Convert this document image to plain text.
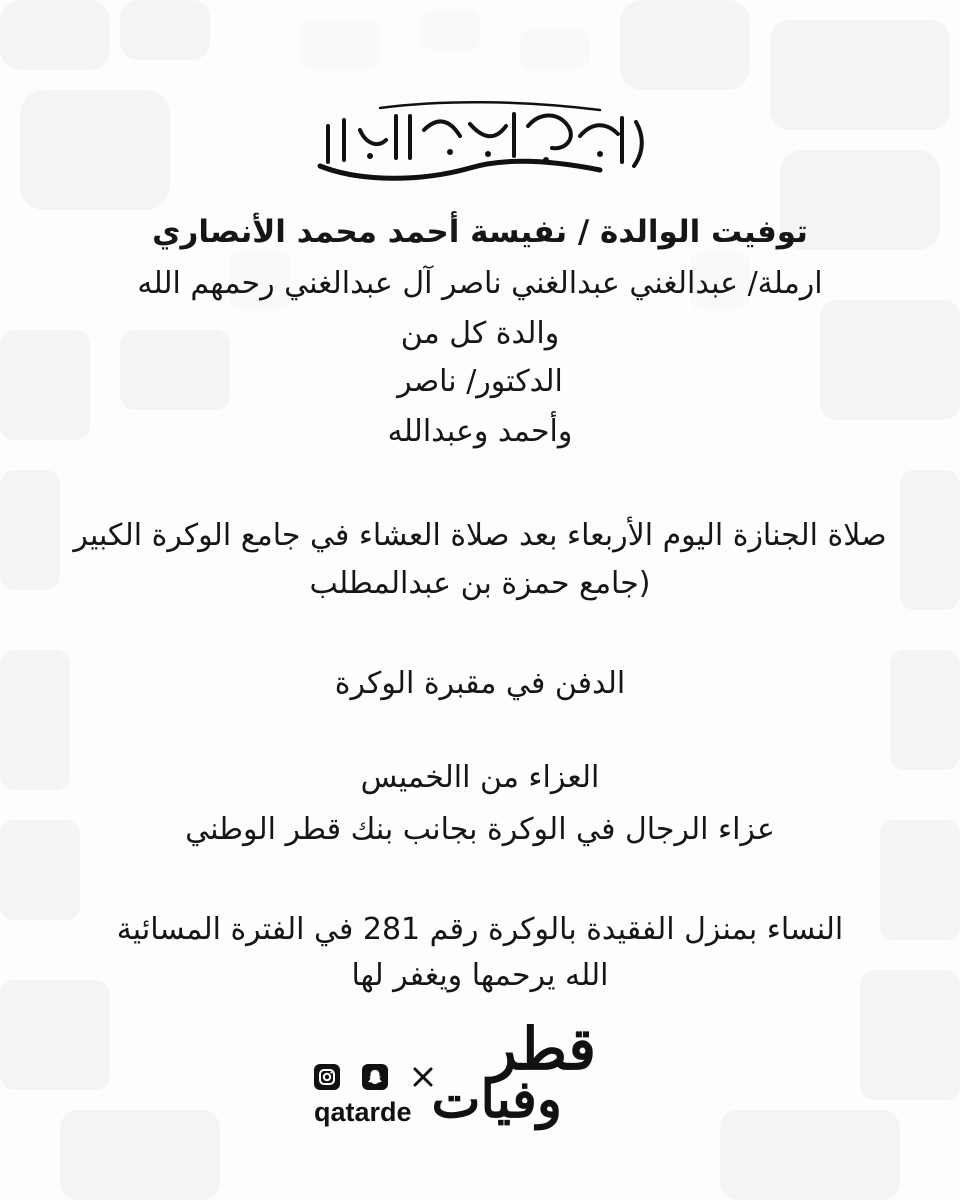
توفيت الوالدة / نفيسة أحمد محمد الأنصاري
ارملة/ عبدالغني عبدالغني ناصر آل عبدالغني رحمهم الله
والدة كل من
الدكتور/ ناصر
وأحمد وعبدالله
صلاة الجنازة اليوم الأربعاء بعد صلاة العشاء في جامع الوكرة الكبير
(جامع حمزة بن عبدالمطلب
الدفن في مقبرة الوكرة
العزاء من االخميس
عزاء الرجال في الوكرة بجانب بنك قطر الوطني
النساء بمنزل الفقيدة بالوكرة رقم 281 في الفترة المسائية
الله يرحمها ويغفر لها
قطر
وفيات
qatarde
